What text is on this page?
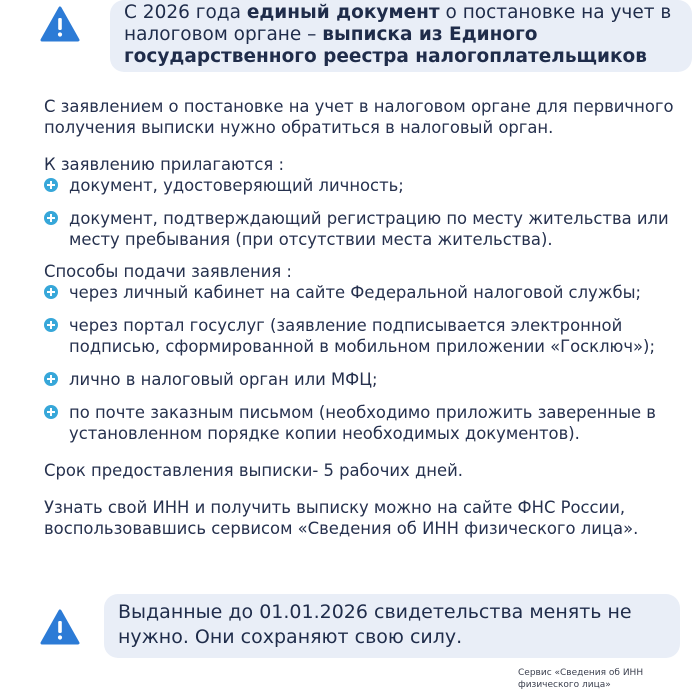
С 2026 года единый документ о постановке на учет в налоговом органе – выписка из Единого государственного реестра налогоплательщиков

С заявлением о постановке на учет в налоговом органе для первичного получения выписки нужно обратиться в налоговый орган.

К заявлению прилагаются :

документ, удостоверяющий личность;
документ, подтверждающий регистрацию по месту жительства или месту пребывания (при отсутствии места жительства).

Способы подачи заявления :

через личный кабинет на сайте Федеральной налоговой службы;
через портал госуслуг (заявление подписывается электронной подписью, сформированной в мобильном приложении «Госключ»);
лично в налоговый орган или МФЦ;
по почте заказным письмом (необходимо приложить заверенные в установленном порядке копии необходимых документов).

Срок предоставления выписки- 5 рабочих дней.

Узнать свой ИНН и получить выписку можно на сайте ФНС России, воспользовавшись сервисом «Сведения об ИНН физического лица».

Выданные до 01.01.2026 свидетельства менять не нужно. Они сохраняют свою силу.
Сервис «Сведения об ИНН физического лица»
